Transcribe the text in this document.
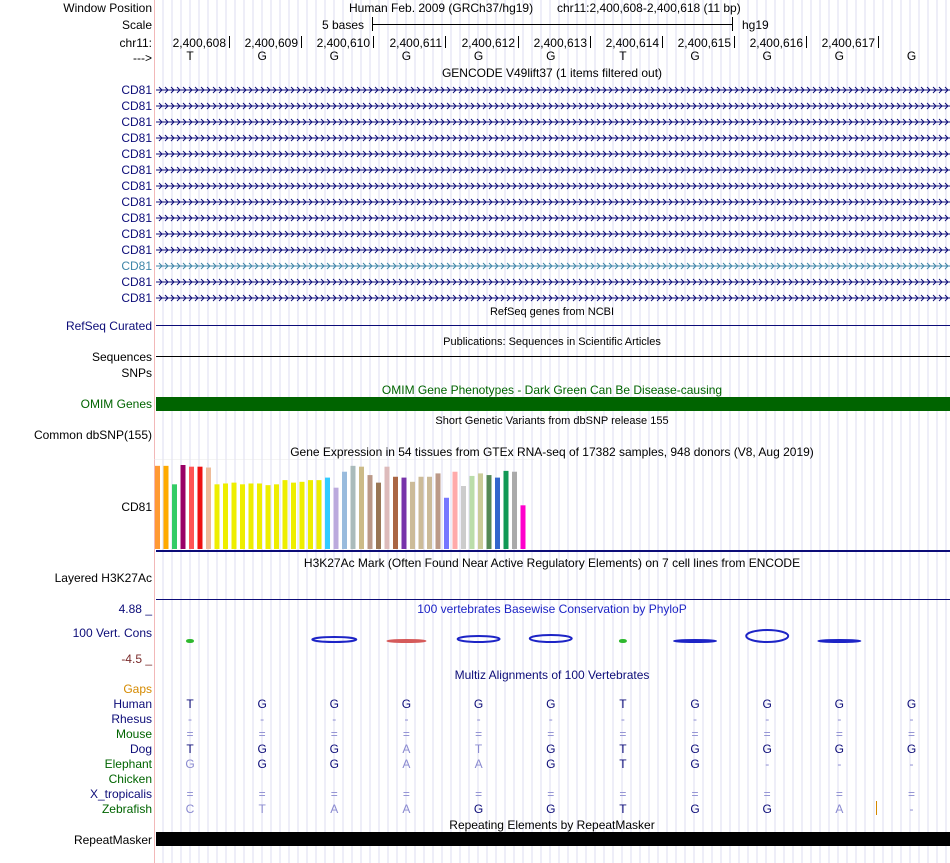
Window Position
Scale
chr11:
--->
Human Feb. 2009 (GRCh37/hg19) chr11:2,400,608-2,400,618 (11 bp)
5 bases	hg19
2,400,608	2,400,609	2,400,610	2,400,611	2,400,612	2,400,613	2,400,614	2,400,615	2,400,616	2,400,617
T	G	G	G	G	G	T	G	G	G	G
GENCODE V49lift37 (1 items filtered out)
CD81
CD81
CD81
CD81
CD81
CD81
CD81
CD81
CD81
CD81
CD81
CD81
CD81
CD81
RefSeq genes from NCBI
RefSeq Curated
Publications: Sequences in Scientific Articles
Sequences
SNPs
OMIM Gene Phenotypes - Dark Green Can Be Disease-causing
OMIM Genes
Short Genetic Variants from dbSNP release 155
Common dbSNP(155)
Gene Expression in 54 tissues from GTEx RNA-seq of 17382 samples, 948 donors (V8, Aug 2019)
CD81
H3K27Ac Mark (Often Found Near Active Regulatory Elements) on 7 cell lines from ENCODE
Layered H3K27Ac
100 vertebrates Basewise Conservation by PhyloP
4.88 _
100 Vert. Cons
-4.5 _
Multiz Alignments of 100 Vertebrates
Gaps
Human	T	G	G	G	G	G	T	G	G	G	G
Rhesus	-	-	-	-	-	-	-	-	-	-	-
Mouse	=	=	=	=	=	=	=	=	=	=	=
Dog	T	G	G	A	T	G	T	G	G	G	G
Elephant	G	G	G	A	A	G	T	G	-	-	-
Chicken
X_tropicalis	=	=	=	=	=	=	=	=	=	=	=
Zebrafish	C	T	A	A	G	G	T	G	G	A	-
Repeating Elements by RepeatMasker
RepeatMasker
